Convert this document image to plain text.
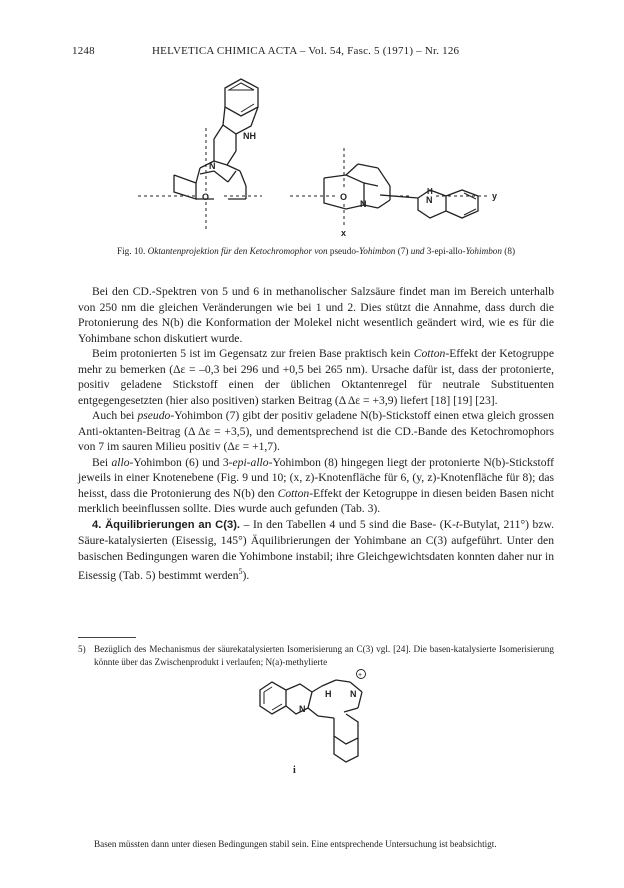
1248	HELVETICA CHIMICA ACTA – Vol. 54, Fasc. 5 (1971) – Nr. 126
NH
N
O	O
N
H
N	y
x
Fig. 10. Oktantenprojektion für den Ketochromophor von pseudo-Yohimbon (7) und 3-epi-allo-Yohimbon (8)

Bei den CD.-Spektren von 5 und 6 in methanolischer Salzsäure findet man im Bereich unterhalb von 250 nm die gleichen Veränderungen wie bei 1 und 2. Dies stützt die Annahme, dass durch die Protonierung des N(b) die Konformation der Molekel nicht wesentlich geändert wird, wie es für die Yohimbane schon diskutiert wurde.

Beim protonierten 5 ist im Gegensatz zur freien Base praktisch kein Cotton-Effekt der Ketogruppe mehr zu bemerken (Δε = –0,3 bei 296 und +0,5 bei 265 nm). Ursache dafür ist, dass der protonierte, positiv geladene Stickstoff einen der üblichen Oktantenregel für neutrale Substituenten entgegengesetzten (hier also positiven) starken Beitrag (Δ Δε = +3,9) liefert [18] [19] [23].

Auch bei pseudo-Yohimbon (7) gibt der positiv geladene N(b)-Stickstoff einen etwa gleich grossen Anti-oktanten-Beitrag (Δ Δε = +3,5), und dementsprechend ist die CD.-Bande des Ketochromophors von 7 im sauren Milieu positiv (Δε = +1,7).

Bei allo-Yohimbon (6) und 3-epi-allo-Yohimbon (8) hingegen liegt der protonierte N(b)-Stickstoff jeweils in einer Knotenebene (Fig. 9 und 10; (x, z)-Knotenfläche für 6, (y, z)-Knotenfläche für 8); das heisst, dass die Protonierung des N(b) den Cotton-Effekt der Ketogruppe in diesen beiden Basen nicht merklich beeinflussen sollte. Dies wurde auch gefunden (Tab. 3).

4. Äquilibrierungen an C(3). – In den Tabellen 4 und 5 sind die Base- (K-t-Butylat, 211°) bzw. Säure-katalysierten (Eisessig, 145°) Äquilibrierungen der Yohimbane an C(3) aufgeführt. Unter den basischen Bedingungen waren die Yohimbone instabil; ihre Gleichgewichtsdaten konnten daher nur in Eisessig (Tab. 5) bestimmt werden$^5$).

5) Bezüglich des Mechanismus der säurekatalysierten Isomerisierung an C(3) vgl. [24]. Die basen-katalysierte Isomerisierung könnte über das Zwischenprodukt i verlaufen; N(a)-methylierte
+
N
H N
i
Basen müssten dann unter diesen Bedingungen stabil sein. Eine entsprechende Untersuchung ist beabsichtigt.
